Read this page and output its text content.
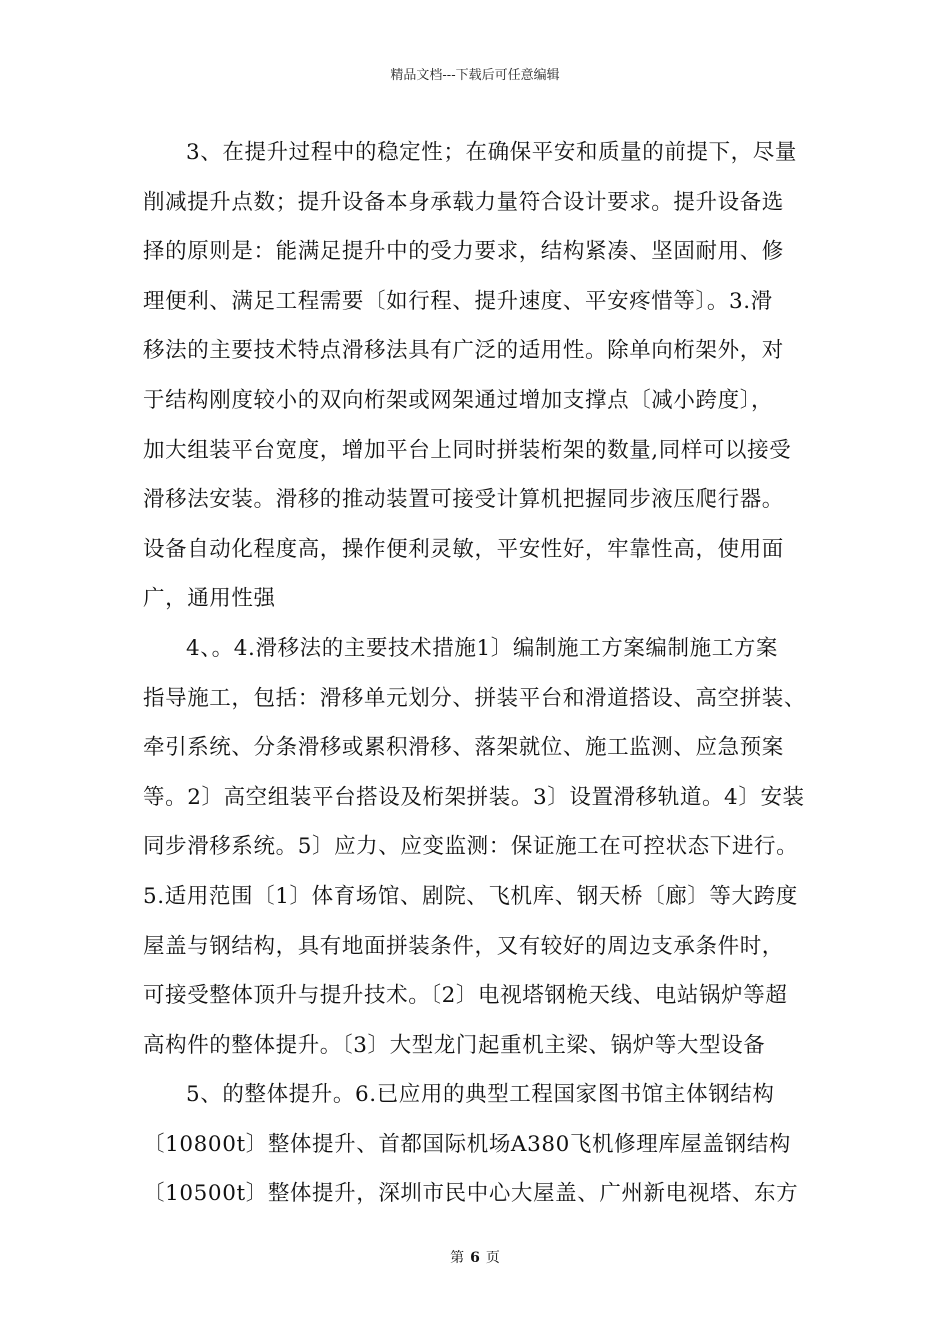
精品文档---下载后可任意编辑
3、在提升过程中的稳定性；在确保平安和质量的前提下，尽量
削减提升点数；提升设备本身承载力量符合设计要求。提升设备选
择的原则是：能满足提升中的受力要求，结构紧凑、坚固耐用、修
理便利、满足工程需要〔如行程、提升速度、平安疼惜等〕。3.滑
移法的主要技术特点滑移法具有广泛的适用性。除单向桁架外，对
于结构刚度较小的双向桁架或网架通过增加支撑点〔减小跨度〕，
加大组装平台宽度，增加平台上同时拼装桁架的数量,同样可以接受
滑移法安装。滑移的推动装置可接受计算机把握同步液压爬行器。
设备自动化程度高，操作便利灵敏，平安性好，牢靠性高，使用面
广，通用性强
4、。4.滑移法的主要技术措施1〕编制施工方案编制施工方案
指导施工，包括：滑移单元划分、拼装平台和滑道搭设、高空拼装、
牵引系统、分条滑移或累积滑移、落架就位、施工监测、应急预案
等。2〕高空组装平台搭设及桁架拼装。3〕设置滑移轨道。4〕安装
同步滑移系统。5〕应力、应变监测：保证施工在可控状态下进行。
5.适用范围〔1〕体育场馆、剧院、飞机库、钢天桥〔廊〕等大跨度
屋盖与钢结构，具有地面拼装条件，又有较好的周边支承条件时，
可接受整体顶升与提升技术。〔2〕电视塔钢桅天线、电站锅炉等超
高构件的整体提升。〔3〕大型龙门起重机主梁、锅炉等大型设备
5、的整体提升。6.已应用的典型工程国家图书馆主体钢结构
〔10800t〕整体提升、首都国际机场A380飞机修理库屋盖钢结构
〔10500t〕整体提升，深圳市民中心大屋盖、广州新电视塔、东方
第 6 页
